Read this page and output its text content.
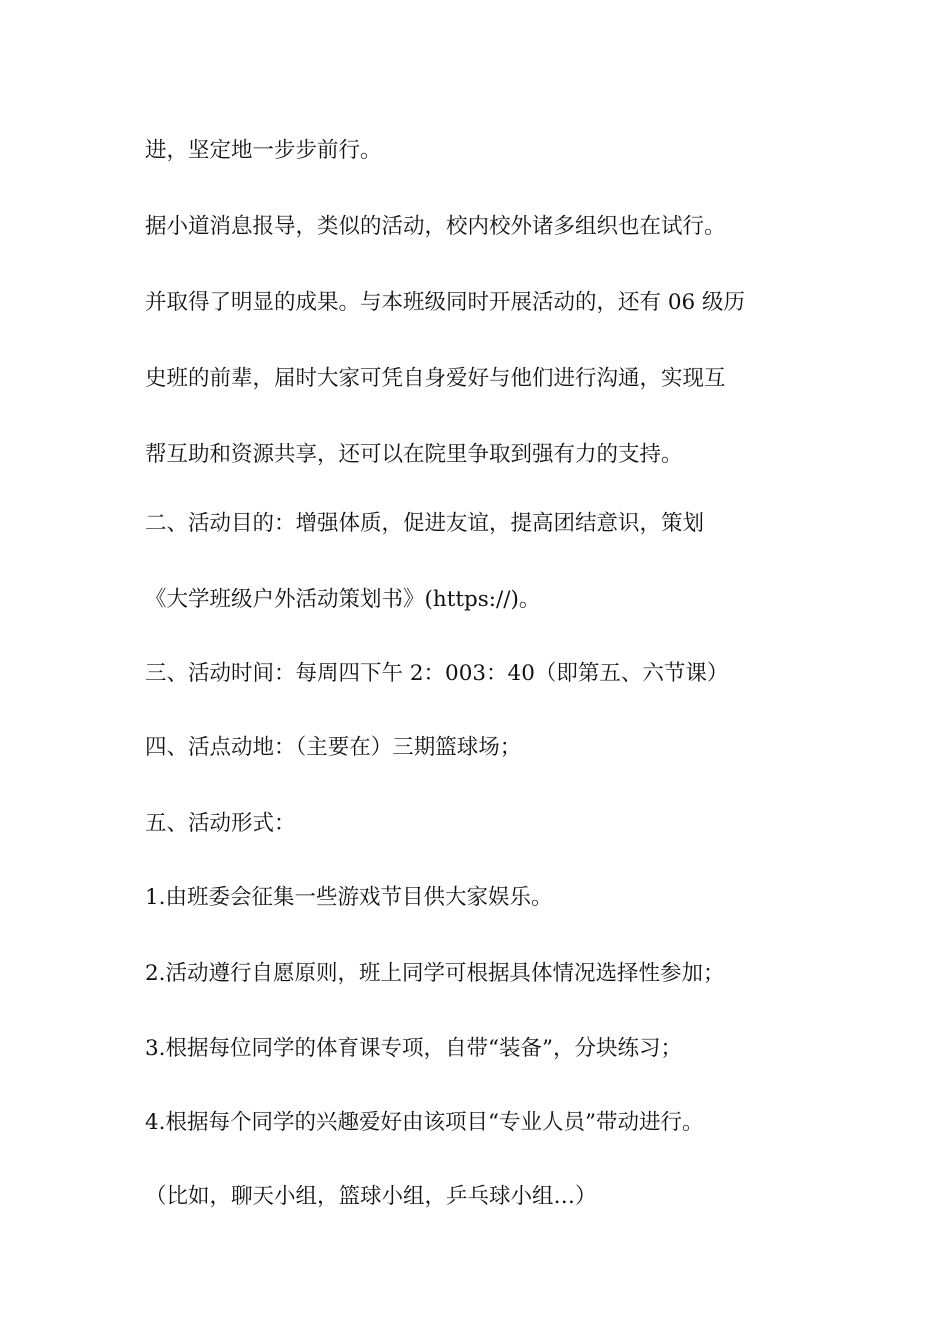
进，坚定地一步步前行。

据小道消息报导，类似的活动，校内校外诸多组织也在试行。

并取得了明显的成果。与本班级同时开展活动的，还有 06 级历

史班的前辈，届时大家可凭自身爱好与他们进行沟通，实现互

帮互助和资源共享，还可以在院里争取到强有力的支持。

二、活动目的：增强体质，促进友谊，提高团结意识，策划

《大学班级户外活动策划书》(https://)。

三、活动时间：每周四下午 2：003：40（即第五、六节课）

四、活点动地：（主要在）三期篮球场；

五、活动形式：

1.由班委会征集一些游戏节目供大家娱乐。

2.活动遵行自愿原则，班上同学可根据具体情况选择性参加；

3.根据每位同学的体育课专项，自带“装备”，分块练习；

4.根据每个同学的兴趣爱好由该项目“专业人员”带动进行。

（比如，聊天小组，篮球小组，乒乓球小组…）
